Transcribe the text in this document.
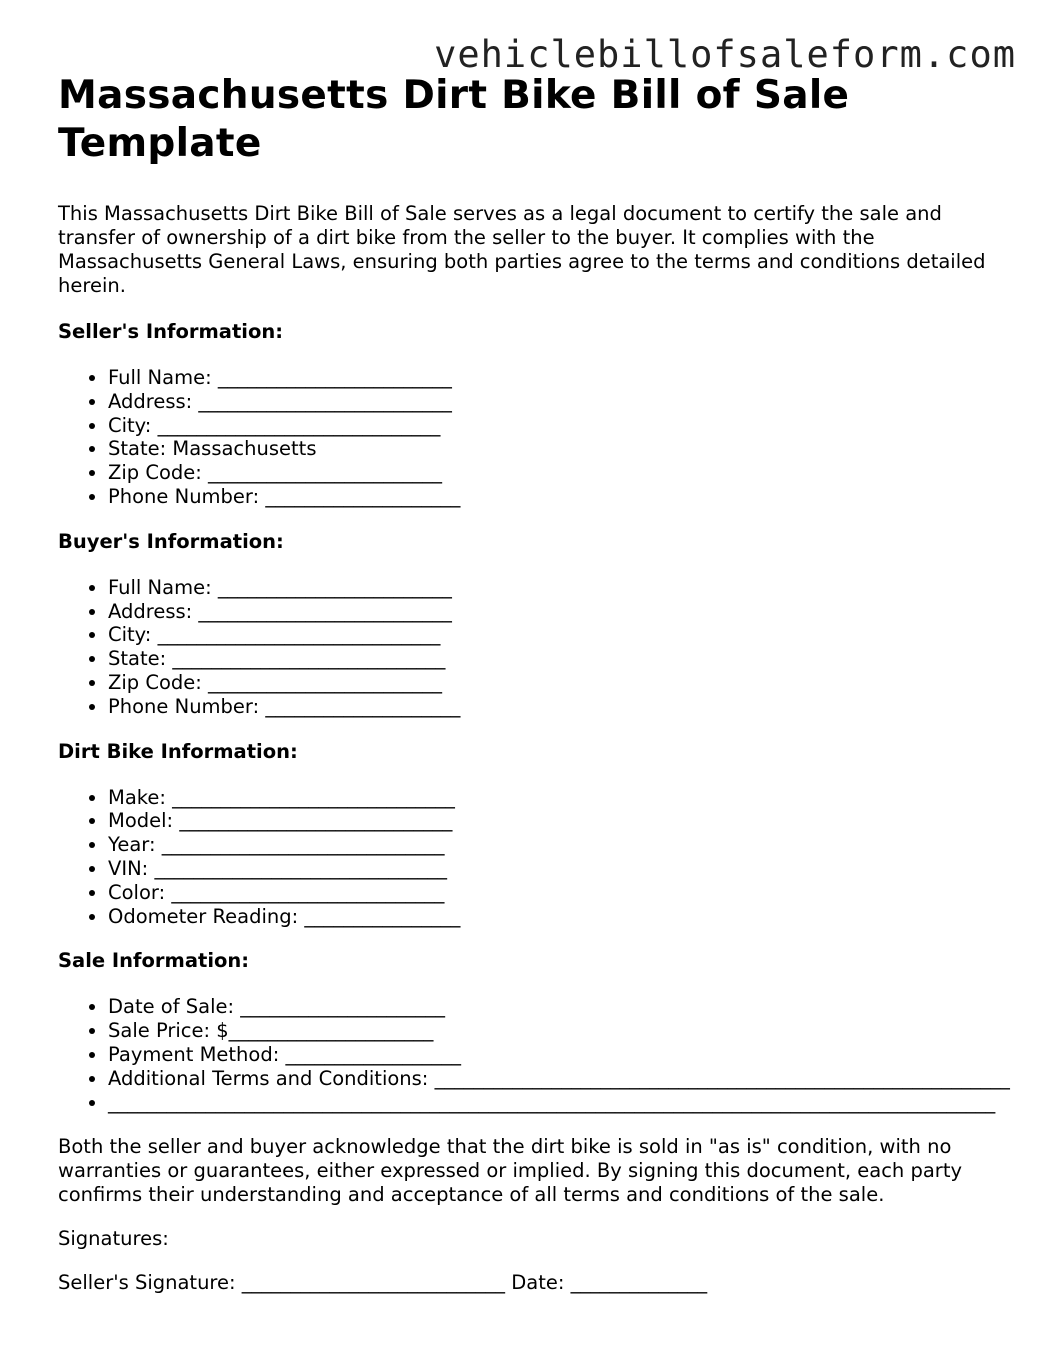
vehiclebillofsaleform.com
Massachusetts Dirt Bike Bill of Sale Template

This Massachusetts Dirt Bike Bill of Sale serves as a legal document to certify the sale and transfer of ownership of a dirt bike from the seller to the buyer. It complies with the Massachusetts General Laws, ensuring both parties agree to the terms and conditions detailed herein.

Seller's Information:
• Full Name: ________________________
• Address: __________________________
• City: _____________________________
• State: Massachusetts
• Zip Code: ________________________
• Phone Number: ____________________
Buyer's Information:
• Full Name: ________________________
• Address: __________________________
• City: _____________________________
• State: ____________________________
• Zip Code: ________________________
• Phone Number: ____________________
Dirt Bike Information:
• Make: _____________________________
• Model: ____________________________
• Year: _____________________________
• VIN: ______________________________
• Color: ____________________________
• Odometer Reading: ________________
Sale Information:
• Date of Sale: _____________________
• Sale Price: $_____________________
• Payment Method: __________________
• Additional Terms and Conditions: ___________________________________________________________
• ___________________________________________________________________________________________

Both the seller and buyer acknowledge that the dirt bike is sold in "as is" condition, with no warranties or guarantees, either expressed or implied. By signing this document, each party confirms their understanding and acceptance of all terms and conditions of the sale.

Signatures:

Seller's Signature: ___________________________ Date: ______________
